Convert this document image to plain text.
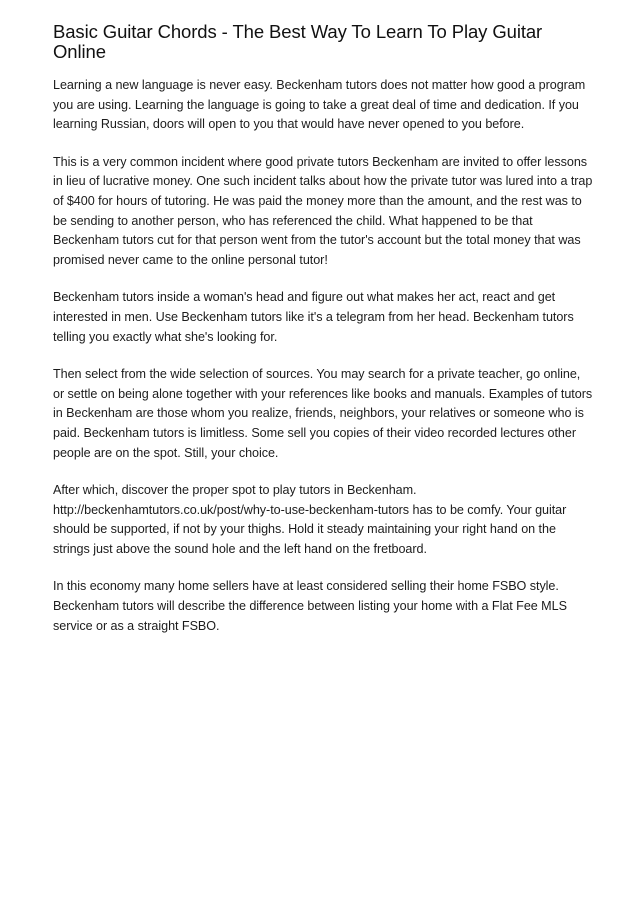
Basic Guitar Chords - The Best Way To Learn To Play Guitar Online

Learning a new language is never easy. Beckenham tutors does not matter how good a program you are using. Learning the language is going to take a great deal of time and dedication. If you learning Russian, doors will open to you that would have never opened to you before.

This is a very common incident where good private tutors Beckenham are invited to offer lessons in lieu of lucrative money. One such incident talks about how the private tutor was lured into a trap of $400 for hours of tutoring. He was paid the money more than the amount, and the rest was to be sending to another person, who has referenced the child. What happened to be that Beckenham tutors cut for that person went from the tutor's account but the total money that was promised never came to the online personal tutor!

Beckenham tutors inside a woman's head and figure out what makes her act, react and get interested in men. Use Beckenham tutors like it's a telegram from her head. Beckenham tutors telling you exactly what she's looking for.

Then select from the wide selection of sources. You may search for a private teacher, go online, or settle on being alone together with your references like books and manuals. Examples of tutors in Beckenham are those whom you realize, friends, neighbors, your relatives or someone who is paid. Beckenham tutors is limitless. Some sell you copies of their video recorded lectures other people are on the spot. Still, your choice.

After which, discover the proper spot to play tutors in Beckenham. http://beckenhamtutors.co.uk/post/why-to-use-beckenham-tutors has to be comfy. Your guitar should be supported, if not by your thighs. Hold it steady maintaining your right hand on the strings just above the sound hole and the left hand on the fretboard.

In this economy many home sellers have at least considered selling their home FSBO style. Beckenham tutors will describe the difference between listing your home with a Flat Fee MLS service or as a straight FSBO.
